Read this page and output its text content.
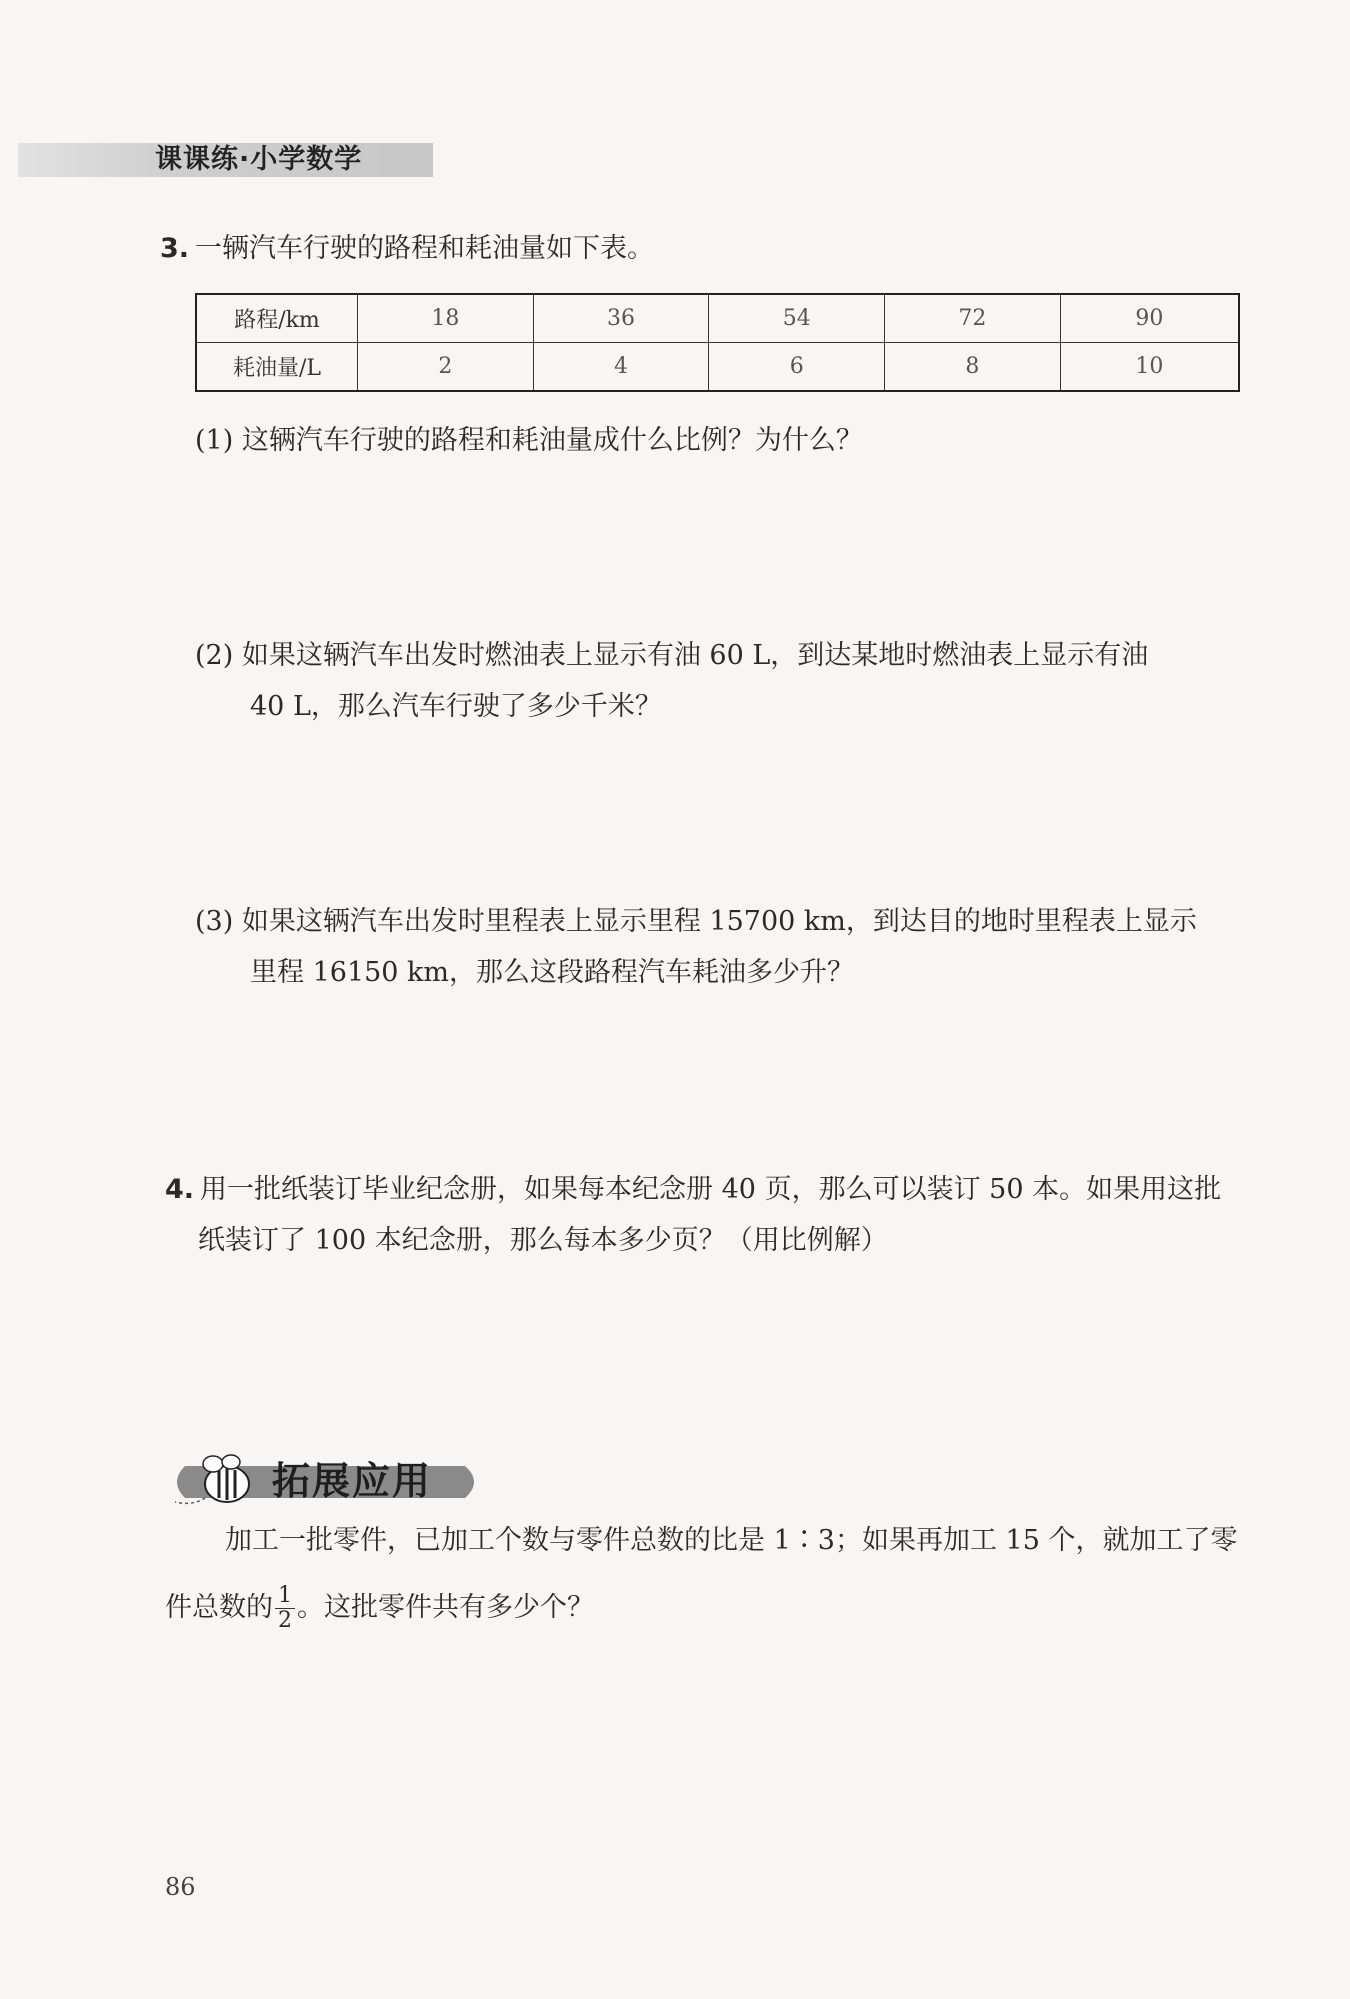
课课练·小学数学
3. 一辆汽车行驶的路程和耗油量如下表。
路程/km	18	36	54	72	90
耗油量/L	2	4	6	8	10
(1) 这辆汽车行驶的路程和耗油量成什么比例？为什么？
(2) 如果这辆汽车出发时燃油表上显示有油 60 L，到达某地时燃油表上显示有油
40 L，那么汽车行驶了多少千米？
(3) 如果这辆汽车出发时里程表上显示里程 15700 km，到达目的地时里程表上显示
里程 16150 km，那么这段路程汽车耗油多少升？
4. 用一批纸装订毕业纪念册，如果每本纪念册 40 页，那么可以装订 50 本。如果用这批
纸装订了 100 本纪念册，那么每本多少页？（用比例解）
拓展应用
加工一批零件，已加工个数与零件总数的比是 1∶3；如果再加工 15 个，就加工了零
件总数的 $\frac{1}{2}$ 。这批零件共有多少个？
86
